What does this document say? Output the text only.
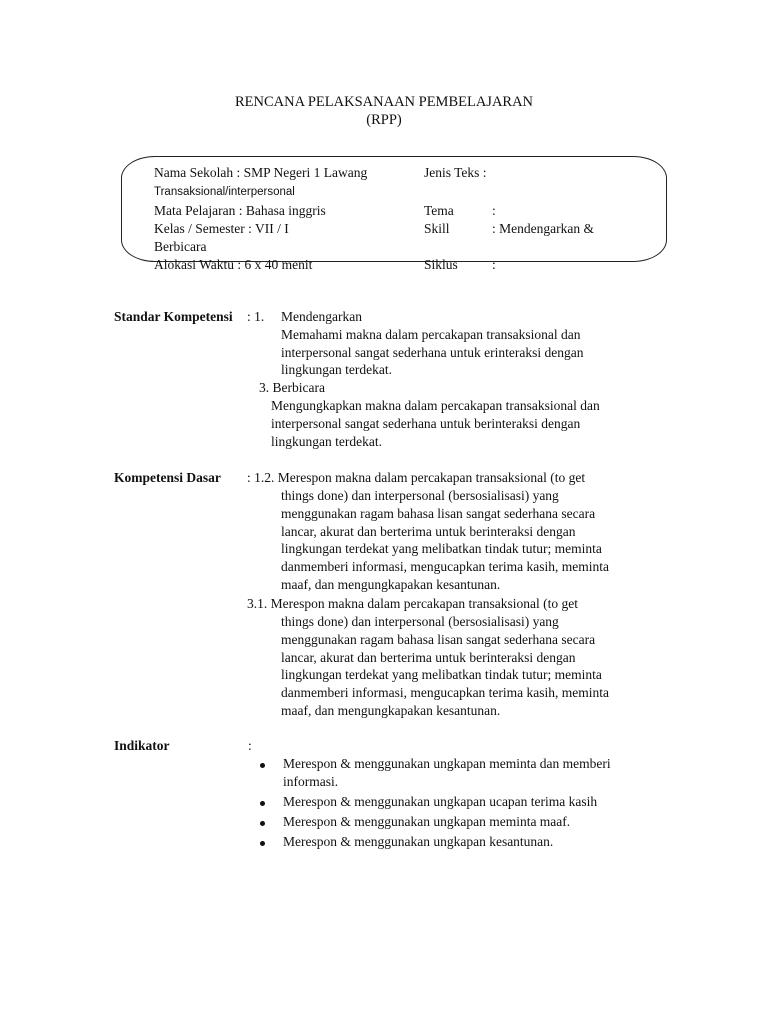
RENCANA PELAKSANAAN PEMBELAJARAN
(RPP)
Nama Sekolah : SMP Negeri 1 Lawang	Jenis Teks :
Transaksional/interpersonal
Mata Pelajaran : Bahasa inggris	Tema	:
Kelas / Semester : VII / I	Skill	: Mendengarkan &
Berbicara
Alokasi Waktu : 6 x 40 menit	Siklus	:
Standar Kompetensi : 1. Mendengarkan
Memahami makna dalam percakapan transaksional dan
interpersonal sangat sederhana untuk erinteraksi dengan
lingkungan terdekat.
3. Berbicara
Mengungkapkan makna dalam percakapan transaksional dan
interpersonal sangat sederhana untuk berinteraksi dengan
lingkungan terdekat.
Kompetensi Dasar : 1.2. Merespon makna dalam percakapan transaksional (to get
things done) dan interpersonal (bersosialisasi) yang
menggunakan ragam bahasa lisan sangat sederhana secara
lancar, akurat dan berterima untuk berinteraksi dengan
lingkungan terdekat yang melibatkan tindak tutur; meminta
danmemberi informasi, mengucapkan terima kasih, meminta
maaf, dan mengungkapakan kesantunan.
3.1. Merespon makna dalam percakapan transaksional (to get
things done) dan interpersonal (bersosialisasi) yang
menggunakan ragam bahasa lisan sangat sederhana secara
lancar, akurat dan berterima untuk berinteraksi dengan
lingkungan terdekat yang melibatkan tindak tutur; meminta
danmemberi informasi, mengucapkan terima kasih, meminta
maaf, dan mengungkapakan kesantunan.
Indikator	:
Merespon & menggunakan ungkapan meminta dan memberi
informasi.
Merespon & menggunakan ungkapan ucapan terima kasih
Merespon & menggunakan ungkapan meminta maaf.
Merespon & menggunakan ungkapan kesantunan.
